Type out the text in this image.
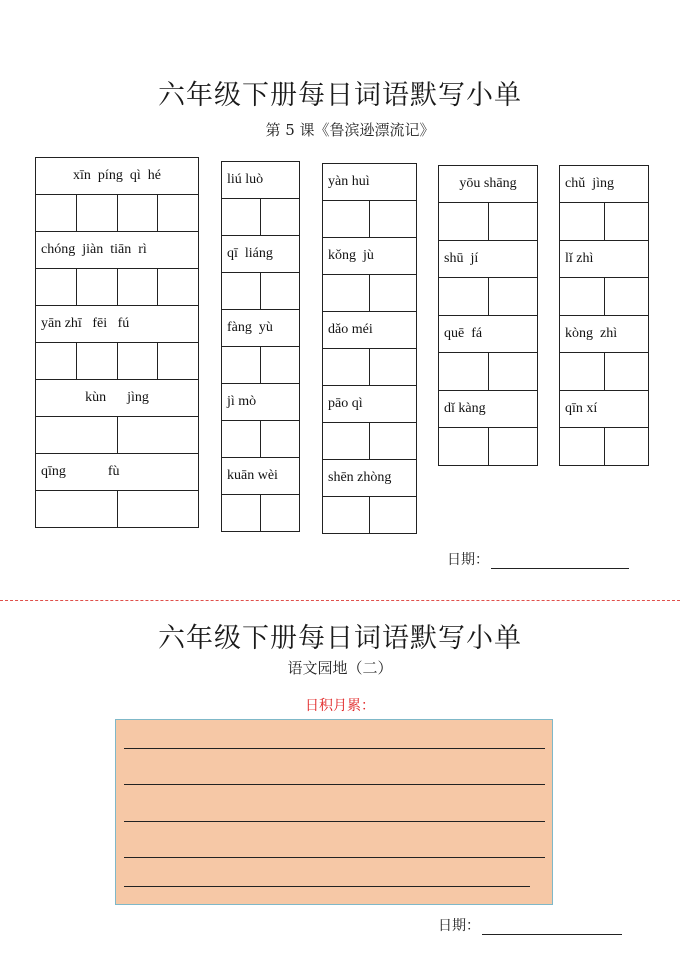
六年级下册每日词语默写小单
第 5 课《鲁滨逊漂流记》
xīn  píng  qì  hé
chóng  jiàn  tiān  rì
yān zhī   fēi   fú
kùn      jìng
qīng            fù
liú luò
qī  liáng
fàng  yù
jì mò
kuān wèi
yàn huì
kǒng  jù
dǎo méi
pāo qì
shēn zhòng
yōu shāng
shū  jí
quē  fá
dǐ kàng
chǔ  jìng
lǐ zhì
kòng  zhì
qīn xí
日期：
六年级下册每日词语默写小单
语文园地（二）
日积月累：
日期：
